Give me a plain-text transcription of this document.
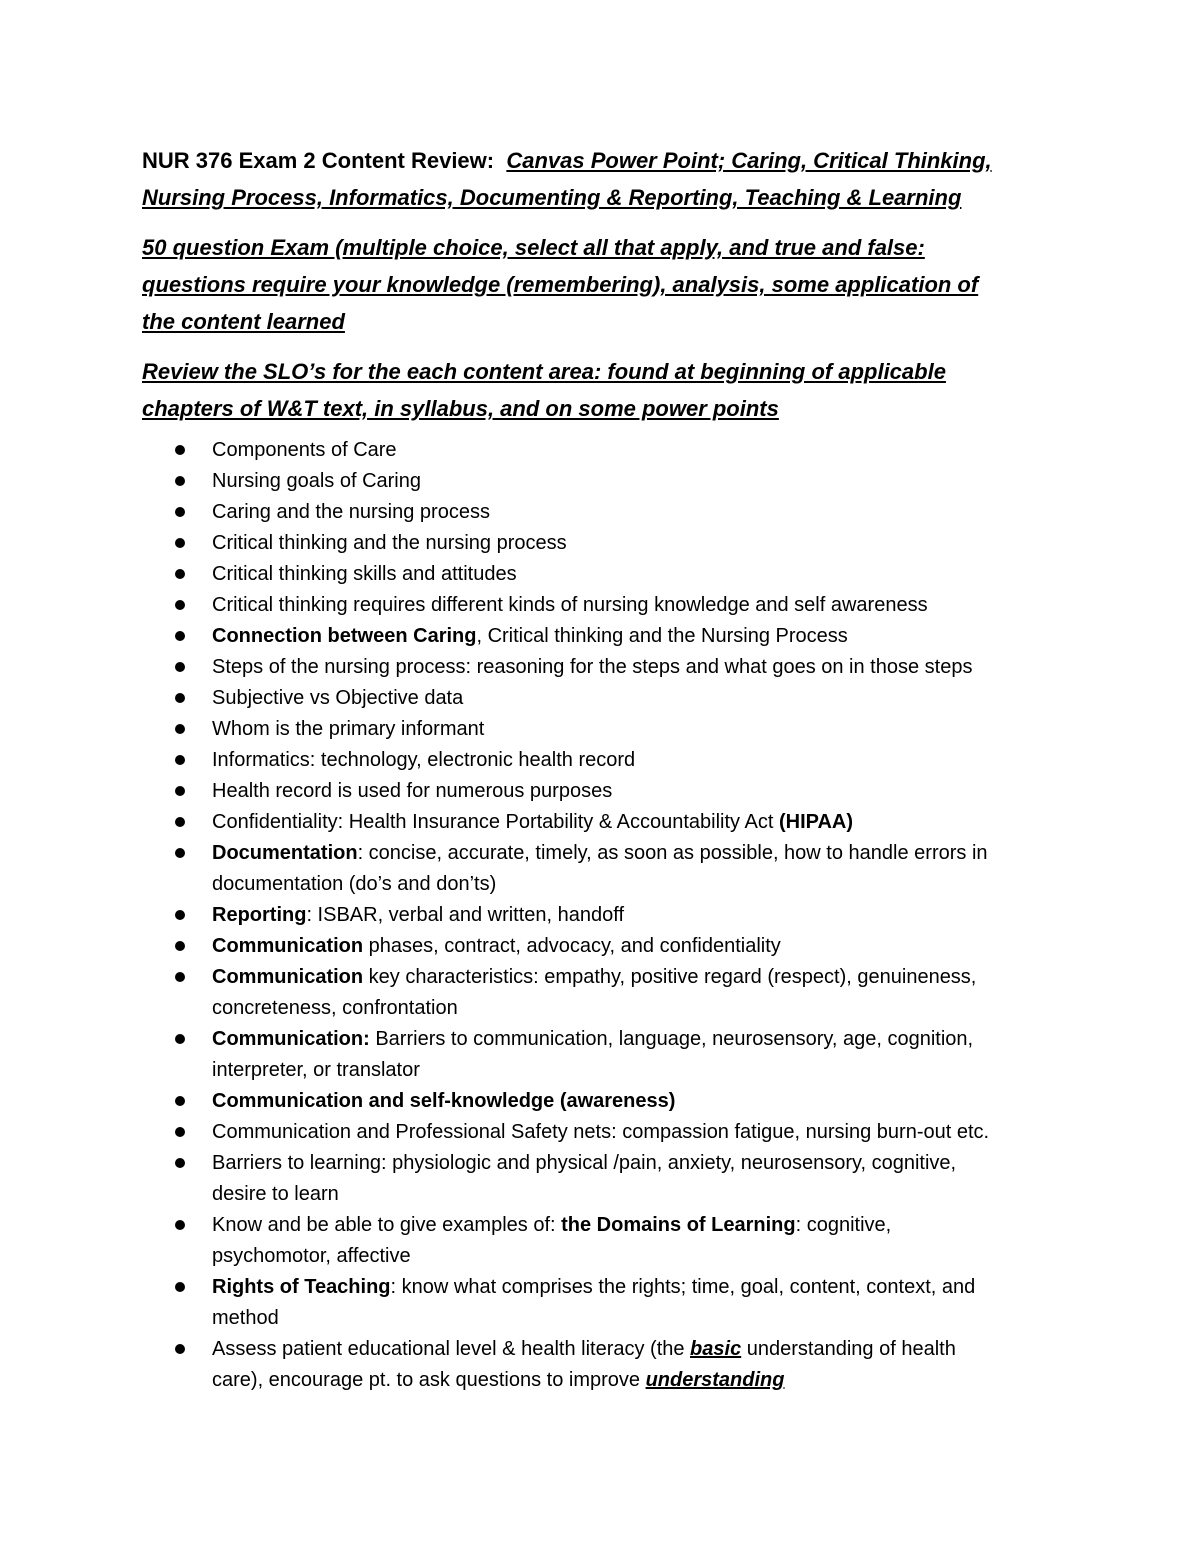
NUR 376 Exam 2 Content Review: Canvas Power Point; Caring, Critical Thinking,
Nursing Process, Informatics, Documenting & Reporting, Teaching & Learning

50 question Exam (multiple choice, select all that apply, and true and false:
questions require your knowledge (remembering), analysis, some application of
the content learned

Review the SLO’s for the each content area: found at beginning of applicable
chapters of W&T text, in syllabus, and on some power points

Components of Care
Nursing goals of Caring
Caring and the nursing process
Critical thinking and the nursing process
Critical thinking skills and attitudes
Critical thinking requires different kinds of nursing knowledge and self awareness
Connection between Caring, Critical thinking and the Nursing Process
Steps of the nursing process: reasoning for the steps and what goes on in those steps
Subjective vs Objective data
Whom is the primary informant
Informatics: technology, electronic health record
Health record is used for numerous purposes
Confidentiality: Health Insurance Portability & Accountability Act (HIPAA)
Documentation: concise, accurate, timely, as soon as possible, how to handle errors in
documentation (do’s and don’ts)
Reporting: ISBAR, verbal and written, handoff
Communication phases, contract, advocacy, and confidentiality
Communication key characteristics: empathy, positive regard (respect), genuineness,
concreteness, confrontation
Communication: Barriers to communication, language, neurosensory, age, cognition,
interpreter, or translator
Communication and self-knowledge (awareness)
Communication and Professional Safety nets: compassion fatigue, nursing burn-out etc.
Barriers to learning: physiologic and physical /pain, anxiety, neurosensory, cognitive,
desire to learn
Know and be able to give examples of: the Domains of Learning: cognitive,
psychomotor, affective
Rights of Teaching: know what comprises the rights; time, goal, content, context, and
method
Assess patient educational level & health literacy (the basic understanding of health
care), encourage pt. to ask questions to improve understanding
